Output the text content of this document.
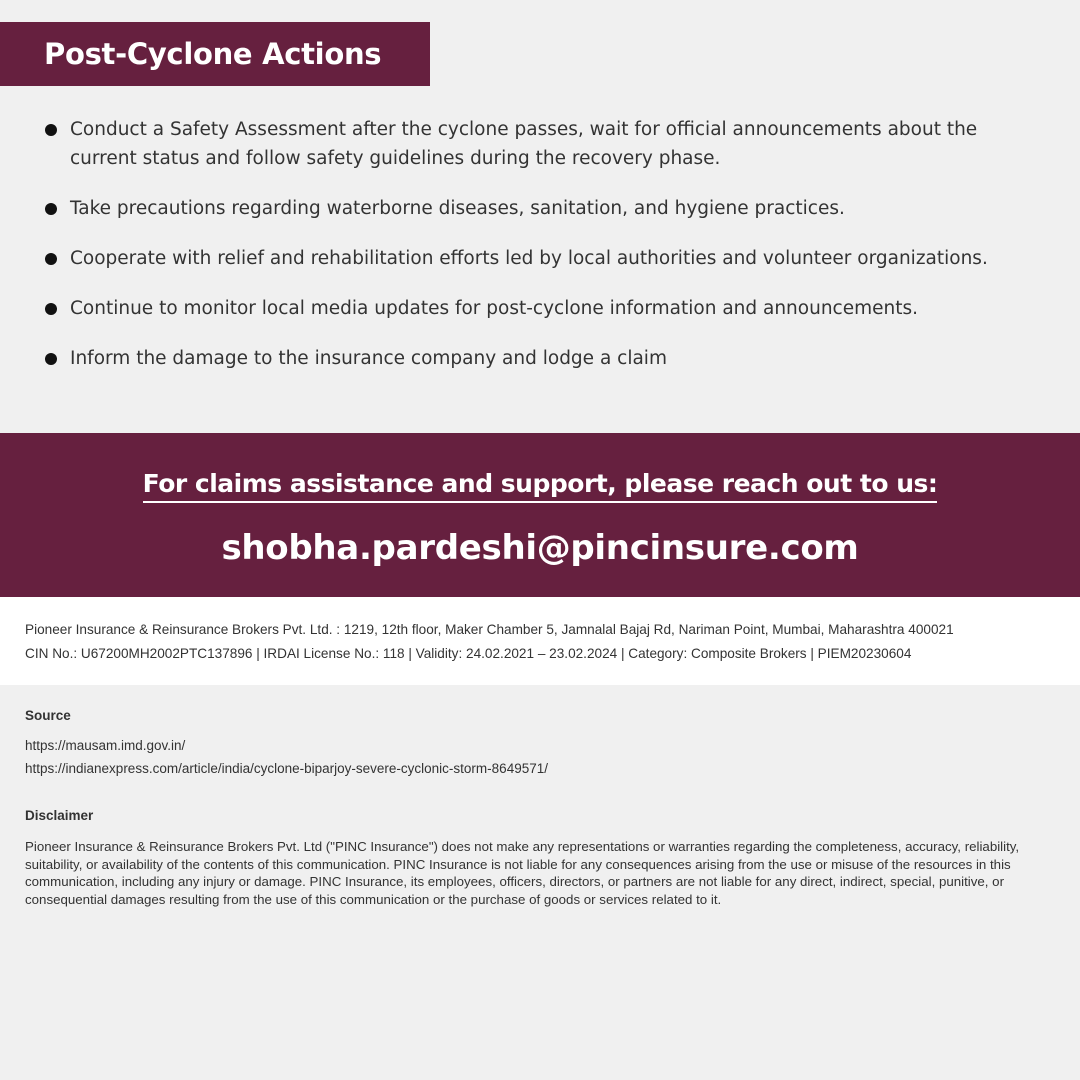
Post-Cyclone Actions
Conduct a Safety Assessment after the cyclone passes, wait for official announcements about the current status and follow safety guidelines during the recovery phase.
Take precautions regarding waterborne diseases, sanitation, and hygiene practices.
Cooperate with relief and rehabilitation efforts led by local authorities and volunteer organizations.
Continue to monitor local media updates for post-cyclone information and announcements.
Inform the damage to the insurance company and lodge a claim
For claims assistance and support, please reach out to us:
shobha.pardeshi@pincinsure.com
Pioneer Insurance & Reinsurance Brokers Pvt. Ltd. : 1219, 12th floor, Maker Chamber 5, Jamnalal Bajaj Rd, Nariman Point, Mumbai, Maharashtra 400021
CIN No.: U67200MH2002PTC137896 | IRDAI License No.: 118 | Validity: 24.02.2021 – 23.02.2024 | Category: Composite Brokers | PIEM20230604
Source
https://mausam.imd.gov.in/
https://indianexpress.com/article/india/cyclone-biparjoy-severe-cyclonic-storm-8649571/
Disclaimer

Pioneer Insurance & Reinsurance Brokers Pvt. Ltd ("PINC Insurance") does not make any representations or warranties regarding the completeness, accuracy, reliability, suitability, or availability of the contents of this communication. PINC Insurance is not liable for any consequences arising from the use or misuse of the resources in this communication, including any injury or damage. PINC Insurance, its employees, officers, directors, or partners are not liable for any direct, indirect, special, punitive, or consequential damages resulting from the use of this communication or the purchase of goods or services related to it.
